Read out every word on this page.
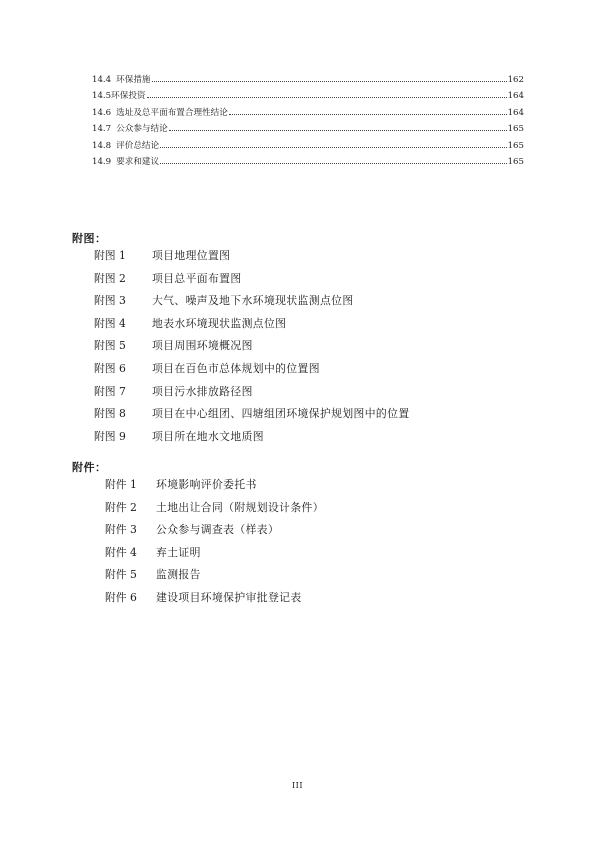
14.4 环保措施	162
14.5 环保投资	164
14.6 选址及总平面布置合理性结论	164
14.7 公众参与结论	165
14.8 评价总结论	165
14.9 要求和建议	165
附图：
附图 1	项目地理位置图
附图 2	项目总平面布置图
附图 3	大气、噪声及地下水环境现状监测点位图
附图 4	地表水环境现状监测点位图
附图 5	项目周围环境概况图
附图 6	项目在百色市总体规划中的位置图
附图 7	项目污水排放路径图
附图 8	项目在中心组团、四塘组团环境保护规划图中的位置
附图 9	项目所在地水文地质图
附件：
附件 1	环境影响评价委托书
附件 2	土地出让合同（附规划设计条件）
附件 3	公众参与调查表（样表）
附件 4	弃土证明
附件 5	监测报告
附件 6	建设项目环境保护审批登记表
III
